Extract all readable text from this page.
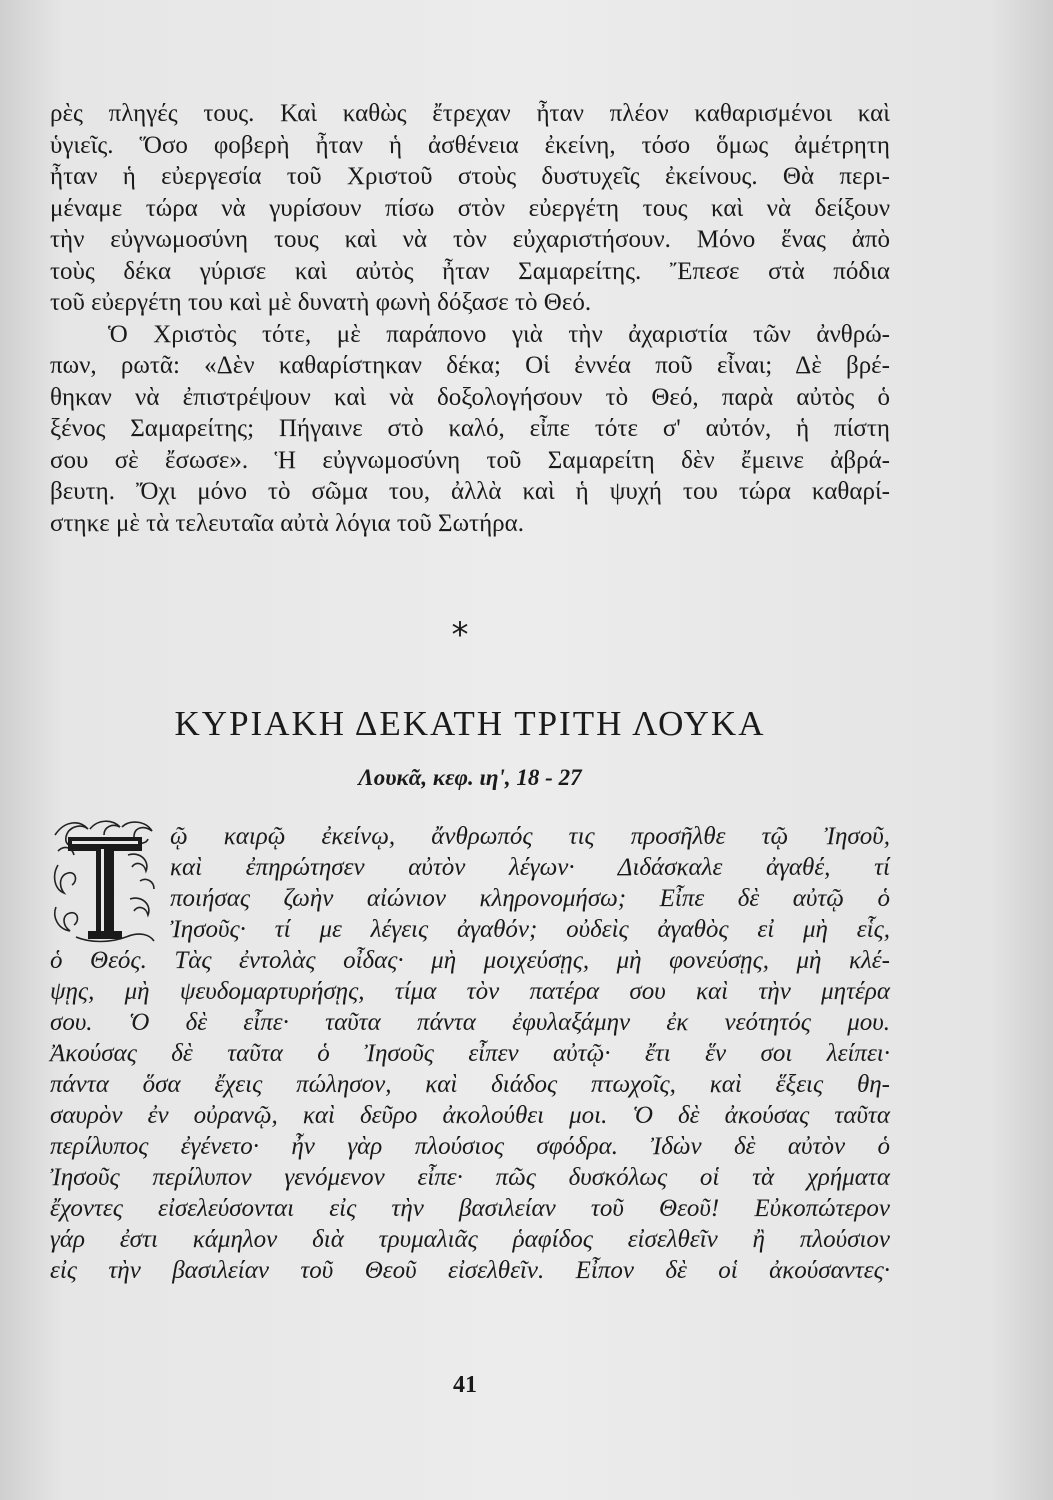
ρὲς πληγές τους. Καὶ καθὼς ἔτρεχαν ἦταν πλέον καθαρισμένοι καὶ
ὑγιεῖς. Ὅσο φοβερὴ ἦταν ἡ ἀσθένεια ἐκείνη, τόσο ὅμως ἀμέτρητη
ἦταν ἡ εὐεργεσία τοῦ Χριστοῦ στοὺς δυστυχεῖς ἐκείνους. Θὰ περι-
μέναμε τώρα νὰ γυρίσουν πίσω στὸν εὐεργέτη τους καὶ νὰ δείξουν
τὴν εὐγνωμοσύνη τους καὶ νὰ τὸν εὐχαριστήσουν. Μόνο ἕνας ἀπὸ
τοὺς δέκα γύρισε καὶ αὐτὸς ἦταν Σαμαρείτης. Ἔπεσε στὰ πόδια
τοῦ εὐεργέτη του καὶ μὲ δυνατὴ φωνὴ δόξασε τὸ Θεό.
Ὁ Χριστὸς τότε, μὲ παράπονο γιὰ τὴν ἀχαριστία τῶν ἀνθρώ-
πων, ρωτᾶ: «Δὲν καθαρίστηκαν δέκα; Οἱ ἐννέα ποῦ εἶναι; Δὲ βρέ-
θηκαν νὰ ἐπιστρέψουν καὶ νὰ δοξολογήσουν τὸ Θεό, παρὰ αὐτὸς ὁ
ξένος Σαμαρείτης; Πήγαινε στὸ καλό, εἶπε τότε σ' αὐτόν, ἡ πίστη
σου σὲ ἔσωσε». Ἡ εὐγνωμοσύνη τοῦ Σαμαρείτη δὲν ἔμεινε ἀβρά-
βευτη. Ὄχι μόνο τὸ σῶμα του, ἀλλὰ καὶ ἡ ψυχή του τώρα καθαρί-
στηκε μὲ τὰ τελευταῖα αὐτὰ λόγια τοῦ Σωτήρα.
*
ΚΥΡΙΑΚΗ ΔΕΚΑΤΗ ΤΡΙΤΗ ΛΟΥΚΑ
Λουκᾶ, κεφ. ιη', 18 - 27
Τ	ῷ καιρῷ ἐκείνῳ, ἄνθρωπός τις προσῆλθε τῷ Ἰησοῦ,
καὶ ἐπηρώτησεν αὐτὸν λέγων· Διδάσκαλε ἀγαθέ, τί
ποιήσας ζωὴν αἰώνιον κληρονομήσω; Εἶπε δὲ αὐτῷ ὁ
Ἰησοῦς· τί με λέγεις ἀγαθόν; οὐδεὶς ἀγαθὸς εἰ μὴ εἷς,
ὁ Θεός. Τὰς ἐντολὰς οἶδας· μὴ μοιχεύσῃς, μὴ φονεύσῃς, μὴ κλέ-
ψῃς, μὴ ψευδομαρτυρήσῃς, τίμα τὸν πατέρα σου καὶ τὴν μητέρα
σου. Ὁ δὲ εἶπε· ταῦτα πάντα ἐφυλαξάμην ἐκ νεότητός μου.
Ἀκούσας δὲ ταῦτα ὁ Ἰησοῦς εἶπεν αὐτῷ· ἔτι ἕν σοι λείπει·
πάντα ὅσα ἔχεις πώλησον, καὶ διάδος πτωχοῖς, καὶ ἕξεις θη-
σαυρὸν ἐν οὐρανῷ, καὶ δεῦρο ἀκολούθει μοι. Ὁ δὲ ἀκούσας ταῦτα
περίλυπος ἐγένετο· ἦν γὰρ πλούσιος σφόδρα. Ἰδὼν δὲ αὐτὸν ὁ
Ἰησοῦς περίλυπον γενόμενον εἶπε· πῶς δυσκόλως οἱ τὰ χρήματα
ἔχοντες εἰσελεύσονται εἰς τὴν βασιλείαν τοῦ Θεοῦ! Εὐκοπώτερον
γάρ ἐστι κάμηλον διὰ τρυμαλιᾶς ῥαφίδος εἰσελθεῖν ἢ πλούσιον
εἰς τὴν βασιλείαν τοῦ Θεοῦ εἰσελθεῖν. Εἶπον δὲ οἱ ἀκούσαντες·
41
